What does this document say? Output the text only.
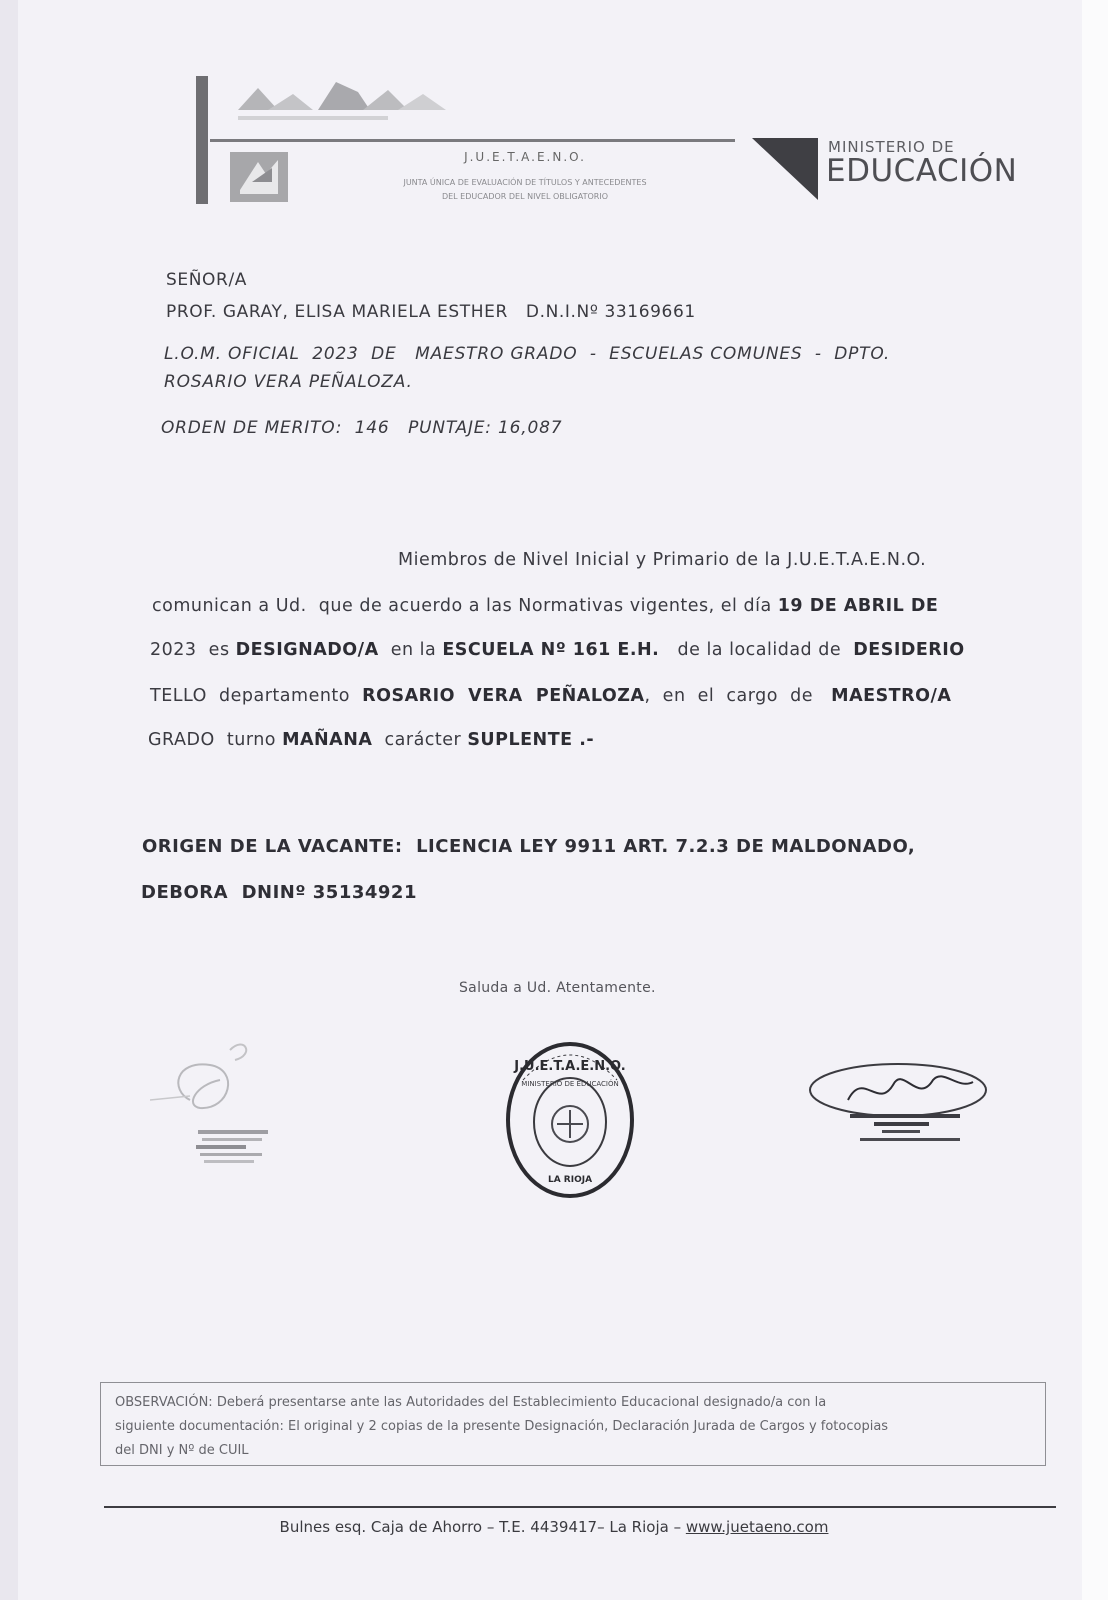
J.U.E.T.A.E.N.O.
JUNTA ÚNICA DE EVALUACIÓN DE TÍTULOS Y ANTECEDENTES
DEL EDUCADOR DEL NIVEL OBLIGATORIO
MINISTERIO DE
EDUCACIÓN
SEÑOR/A
PROF. GARAY, ELISA MARIELA ESTHER   D.N.I.Nº 33169661
L.O.M. OFICIAL  2023  DE   MAESTRO GRADO  -  ESCUELAS COMUNES  -  DPTO.
ROSARIO VERA PEÑALOZA.
ORDEN DE MERITO:  146   PUNTAJE: 16,087
Miembros de Nivel Inicial y Primario de la J.U.E.T.A.E.N.O.
comunican a Ud.  que de acuerdo a las Normativas vigentes, el día 19 DE ABRIL DE
2023  es DESIGNADO/A  en la ESCUELA Nº 161 E.H.   de la localidad de  DESIDERIO
TELLO  departamento  ROSARIO  VERA  PEÑALOZA,  en  el  cargo  de   MAESTRO/A
GRADO  turno MAÑANA  carácter SUPLENTE .-
ORIGEN DE LA VACANTE:  LICENCIA LEY 9911 ART. 7.2.3 DE MALDONADO,
DEBORA  DNINº 35134921
Saluda a Ud. Atentamente.
J.U.E.T.A.E.N.O.
MINISTERIO DE EDUCACIÓN
LA RIOJA
OBSERVACIÓN: Deberá presentarse ante las Autoridades del Establecimiento Educacional designado/a con la
siguiente documentación: El original y 2 copias de la presente Designación, Declaración Jurada de Cargos y fotocopias
del DNI y Nº de CUIL
Bulnes esq. Caja de Ahorro – T.E. 4439417– La Rioja – www.juetaeno.com
